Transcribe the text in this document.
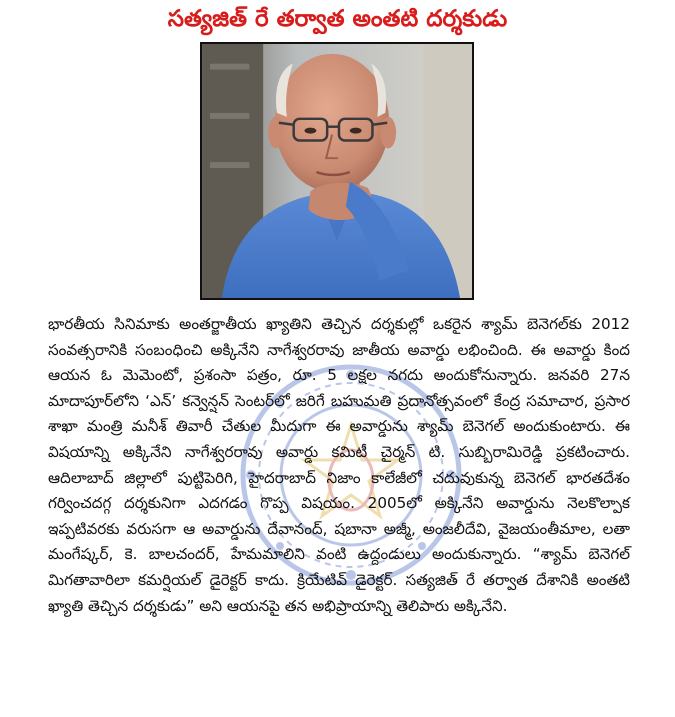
సత్యజిత్ రే తర్వాత అంతటి దర్శకుడు

భారతీయ సినిమాకు అంతర్జాతీయ ఖ్యాతిని తెచ్చిన దర్శకుల్లో ఒకరైన శ్యామ్ బెనెగల్‌కు 2012 సంవత్సరానికి సంబంధించి అక్కినేని నాగేశ్వరరావు జాతీయ అవార్డు లభించింది. ఈ అవార్డు కింద ఆయన ఓ మెమెంటో, ప్రశంసా పత్రం, రూ. 5 లక్షల నగదు అందుకోనున్నారు. జనవరి 27న మాదాపూర్‌లోని ‘ఎన్’ కన్వెన్షన్ సెంటర్‌లో జరిగే బహుమతి ప్రదానోత్సవంలో కేంద్ర సమాచార, ప్రసార శాఖా మంత్రి మనీశ్ తివారీ చేతుల మీదుగా ఈ అవార్డును శ్యామ్ బెనెగల్ అందుకుంటారు. ఈ విషయాన్ని అక్కినేని నాగేశ్వరరావు అవార్డు కమిటీ చైర్మన్ టి. సుబ్బిరామిరెడ్డి ప్రకటించారు. ఆదిలాబాద్ జిల్లాలో పుట్టిపెరిగి, హైదరాబాద్ నిజాం కాలేజీలో చదువుకున్న బెనెగల్ భారతదేశం గర్వించదగ్గ దర్శకునిగా ఎదగడం గొప్ప విషయం. 2005లో అక్కినేని అవార్డును నెలకొల్పాక ఇప్పటివరకు వరుసగా ఆ అవార్డును దేవానంద్, షబానా అజ్మీ, అంజలీదేవి, వైజయంతీమాల, లతా మంగేష్కర్, కె. బాలచందర్, హేమమాలిని వంటి ఉద్దండులు అందుకున్నారు. “శ్యామ్ బెనెగల్ మిగతావారిలా కమర్షియల్ డైరెక్టర్ కాదు. క్రియేటివ్ డైరెక్టర్. సత్యజిత్ రే తర్వాత దేశానికి అంతటి ఖ్యాతి తెచ్చిన దర్శకుడు” అని ఆయనపై తన అభిప్రాయాన్ని తెలిపారు అక్కినేని.
